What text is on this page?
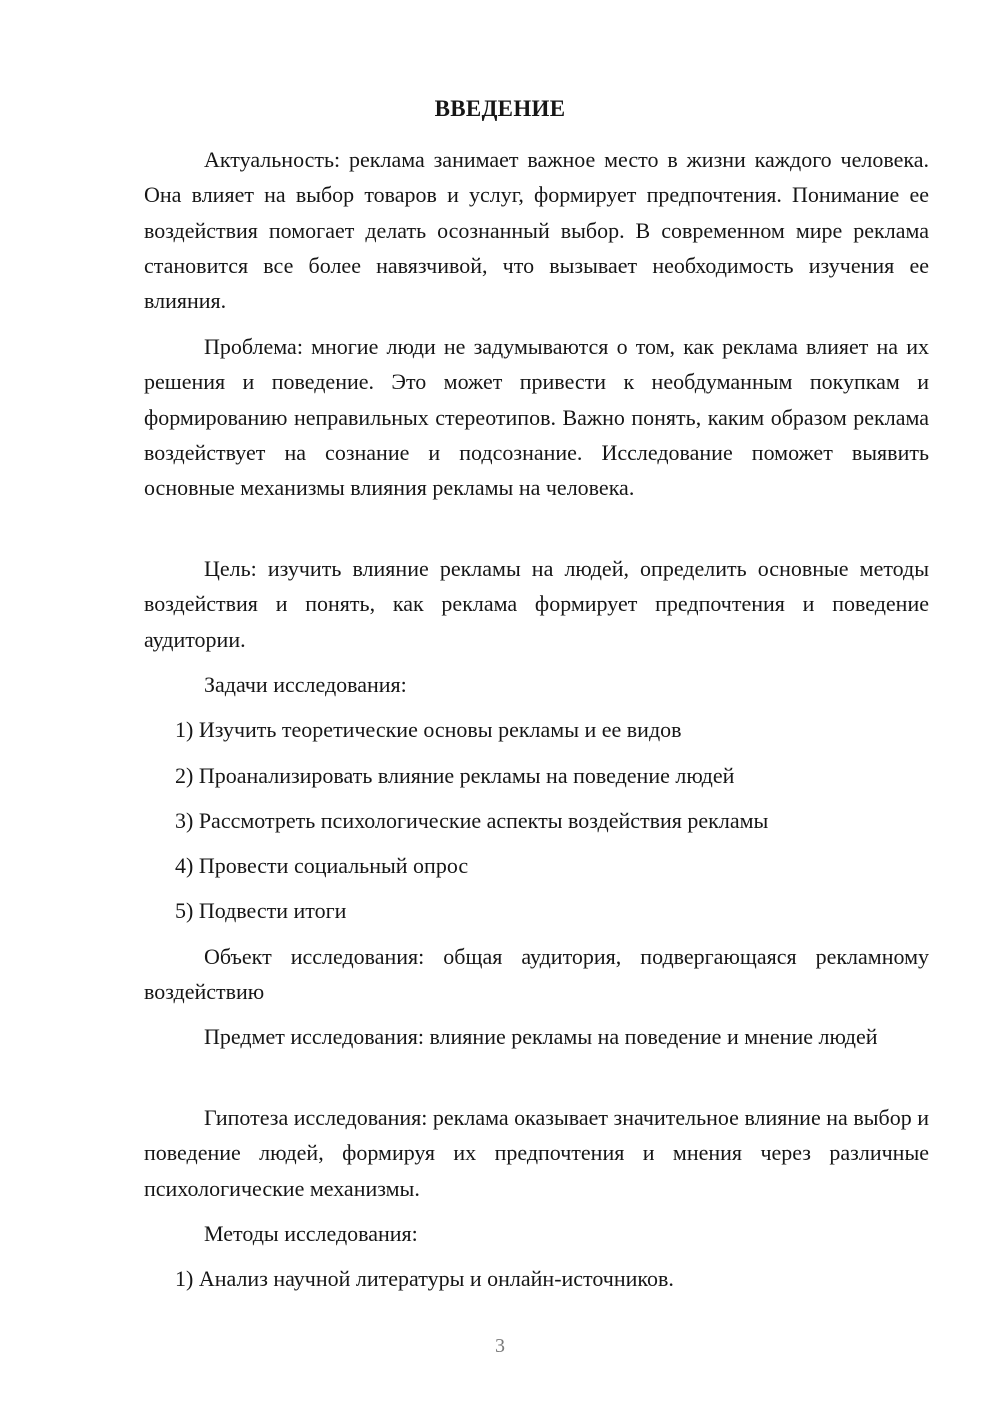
ВВЕДЕНИЕ

Актуальность: реклама занимает важное место в жизни каждого человека. Она влияет на выбор товаров и услуг, формирует предпочтения. Понимание ее воздействия помогает делать осознанный выбор. В современном мире реклама становится все более навязчивой, что вызывает необходимость изучения ее влияния.

Проблема: многие люди не задумываются о том, как реклама влияет на их решения и поведение. Это может привести к необдуманным покупкам и формированию неправильных стереотипов. Важно понять, каким образом реклама воздействует на сознание и подсознание. Исследование поможет выявить основные механизмы влияния рекламы на человека.

Цель: изучить влияние рекламы на людей, определить основные методы воздействия и понять, как реклама формирует предпочтения и поведение аудитории.

Задачи исследования:

1) Изучить теоретические основы рекламы и ее видов

2) Проанализировать влияние рекламы на поведение людей

3) Рассмотреть психологические аспекты воздействия рекламы

4) Провести социальный опрос

5) Подвести итоги

Объект исследования: общая аудитория, подвергающаяся рекламному воздействию

Предмет исследования: влияние рекламы на поведение и мнение людей

Гипотеза исследования: реклама оказывает значительное влияние на выбор и поведение людей, формируя их предпочтения и мнения через различные психологические механизмы.

Методы исследования:

1) Анализ научной литературы и онлайн-источников.

3
